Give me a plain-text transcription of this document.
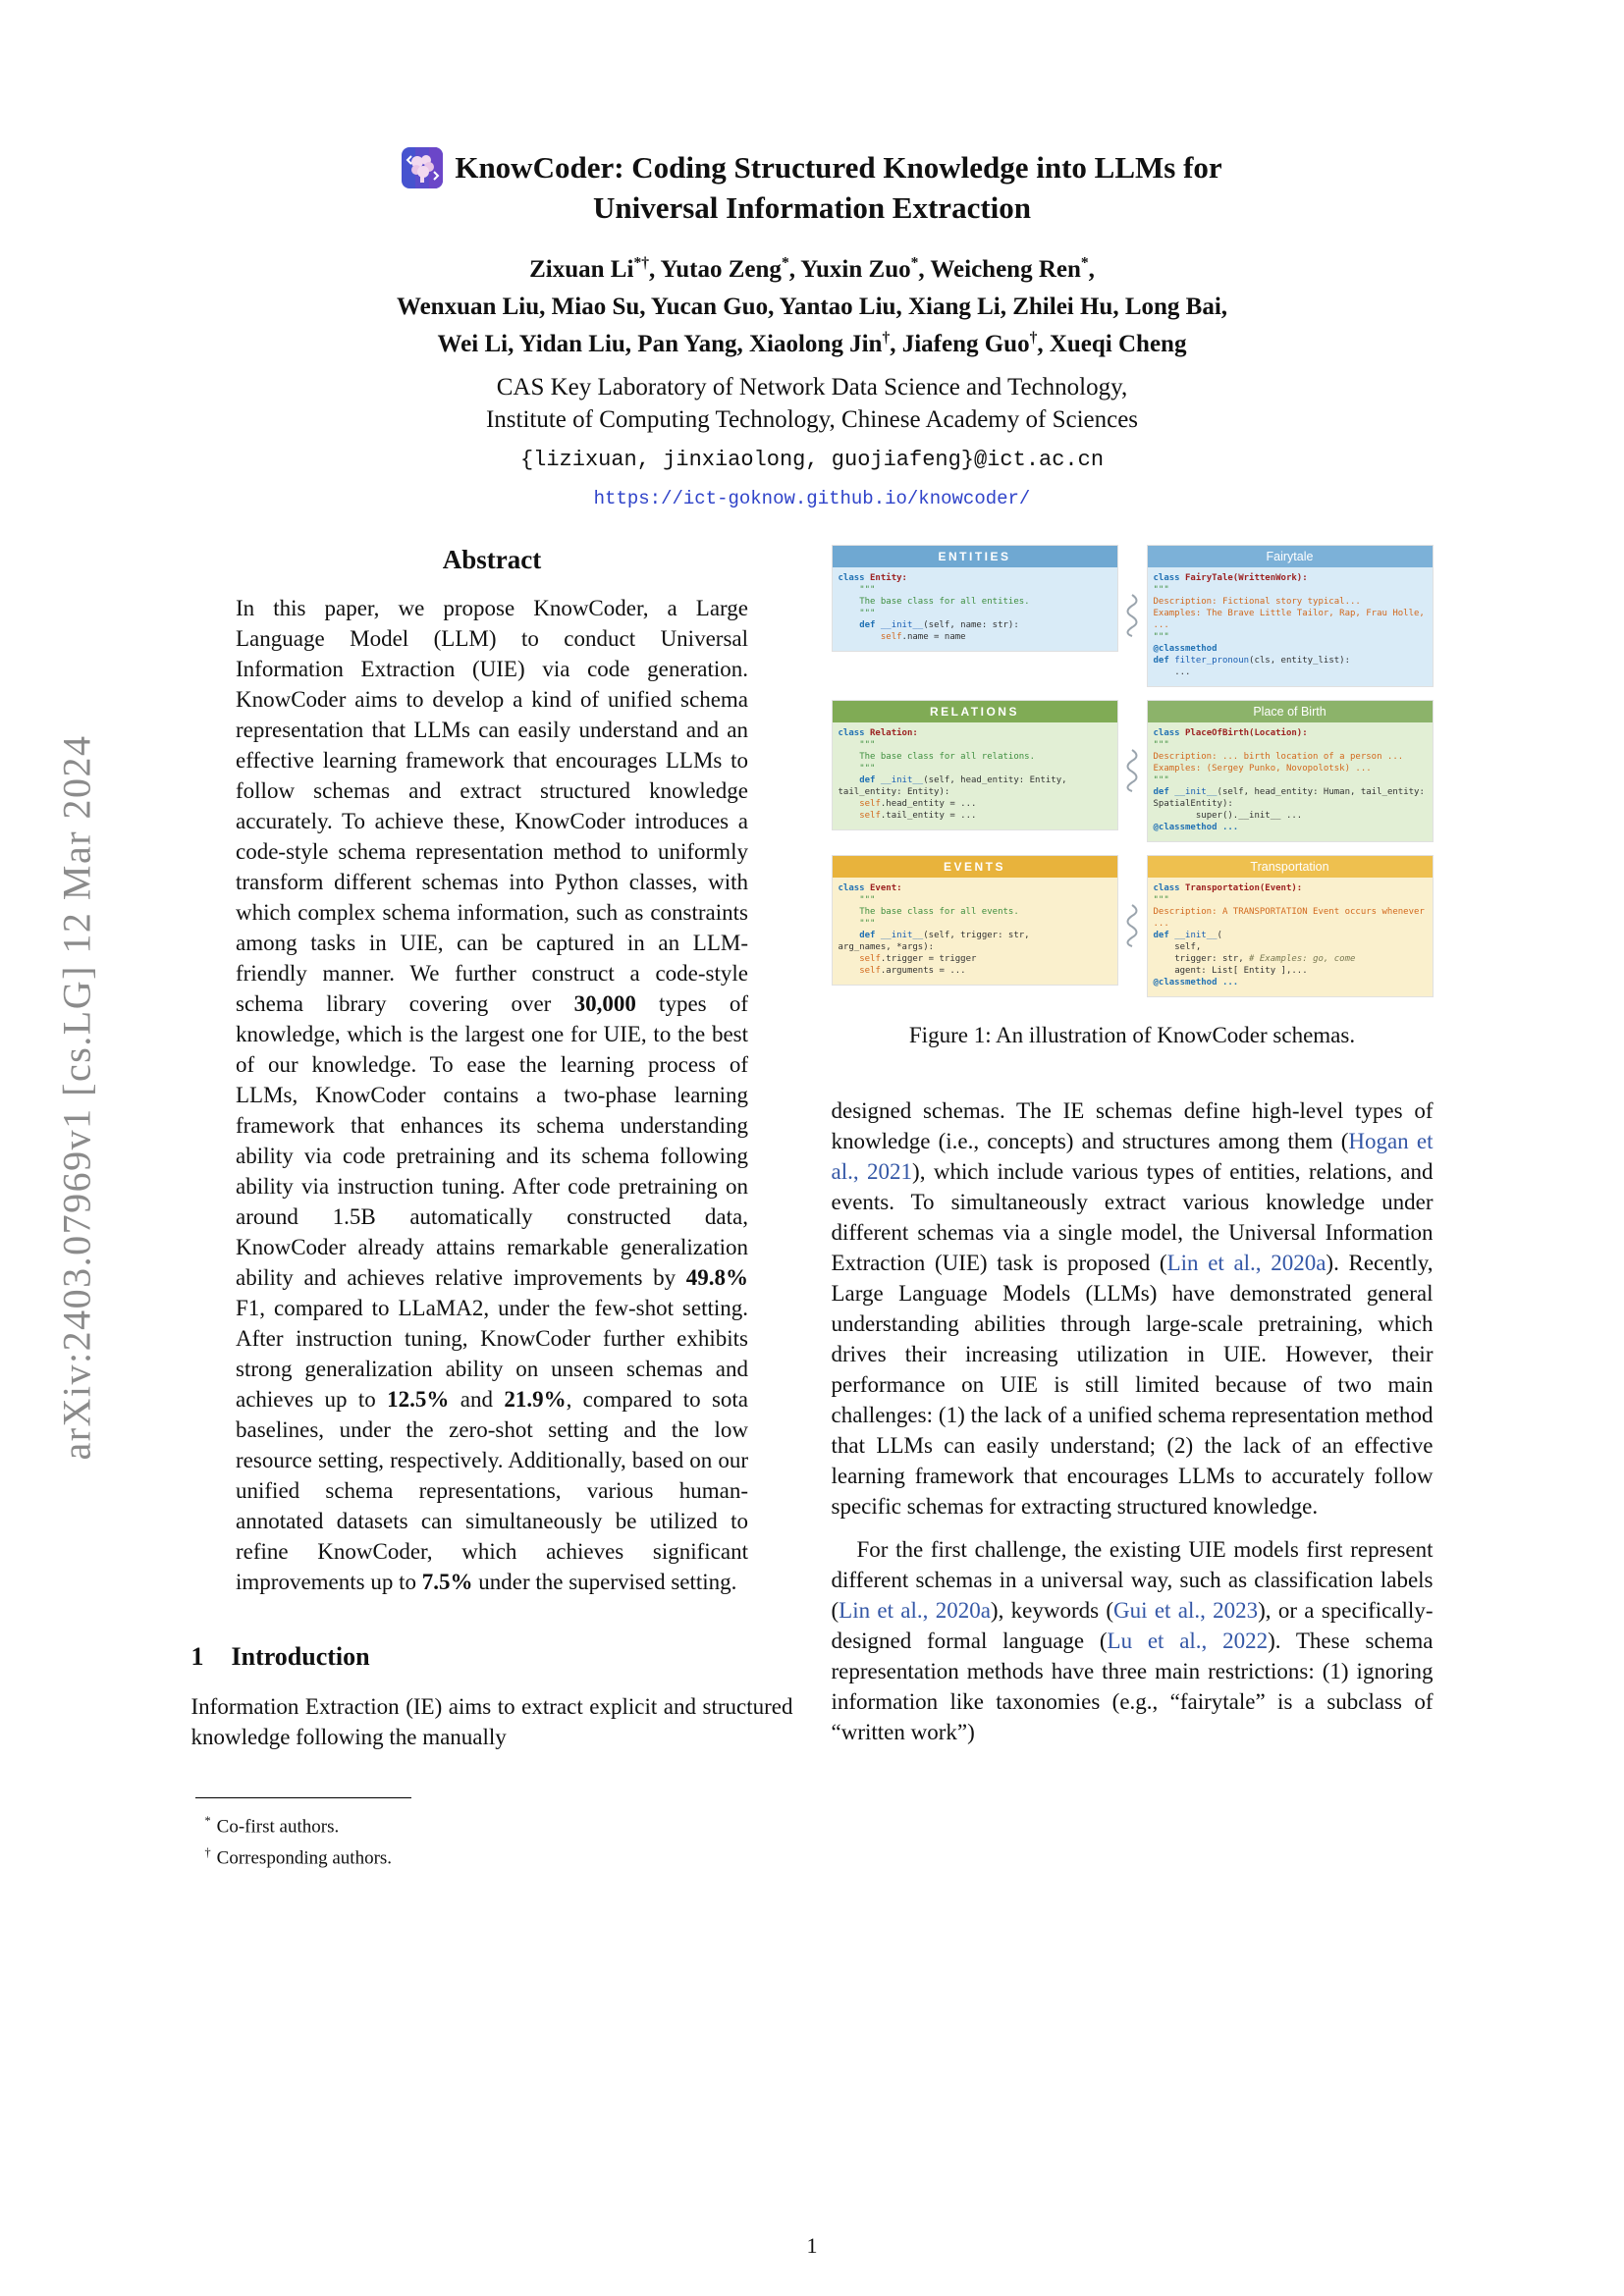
arXiv:2403.07969v1 [cs.LG] 12 Mar 2024
KnowCoder: Coding Structured Knowledge into LLMs for
Universal Information Extraction
Zixuan Li*†, Yutao Zeng*, Yuxin Zuo*, Weicheng Ren*,
Wenxuan Liu, Miao Su, Yucan Guo, Yantao Liu, Xiang Li, Zhilei Hu, Long Bai,
Wei Li, Yidan Liu, Pan Yang, Xiaolong Jin†, Jiafeng Guo†, Xueqi Cheng
CAS Key Laboratory of Network Data Science and Technology,
Institute of Computing Technology, Chinese Academy of Sciences
{lizixuan, jinxiaolong, guojiafeng}@ict.ac.cn
https://ict-goknow.github.io/knowcoder/
Abstract

In this paper, we propose KnowCoder, a Large Language Model (LLM) to conduct Universal Information Extraction (UIE) via code generation. KnowCoder aims to develop a kind of unified schema representation that LLMs can easily understand and an effective learning framework that encourages LLMs to follow schemas and extract structured knowledge accurately. To achieve these, KnowCoder introduces a code-style schema representation method to uniformly transform different schemas into Python classes, with which complex schema information, such as constraints among tasks in UIE, can be captured in an LLM-friendly manner. We further construct a code-style schema library covering over 30,000 types of knowledge, which is the largest one for UIE, to the best of our knowledge. To ease the learning process of LLMs, KnowCoder contains a two-phase learning framework that enhances its schema understanding ability via code pretraining and its schema following ability via instruction tuning. After code pretraining on around 1.5B automatically constructed data, KnowCoder already attains remarkable generalization ability and achieves relative improvements by 49.8% F1, compared to LLaMA2, under the few-shot setting. After instruction tuning, KnowCoder further exhibits strong generalization ability on unseen schemas and achieves up to 12.5% and 21.9%, compared to sota baselines, under the zero-shot setting and the low resource setting, respectively. Additionally, based on our unified schema representations, various human-annotated datasets can simultaneously be utilized to refine KnowCoder, which achieves significant improvements up to 7.5% under the supervised setting.

1 Introduction

Information Extraction (IE) aims to extract explicit and structured knowledge following the manually

* Co-first authors.
† Corresponding authors.
ENTITIES
class Entity:
"""
The base class for all entities.
"""
def __init__(self, name: str):
self.name = name
Fairytale
class FairyTale(WrittenWork):
"""
Description: Fictional story typical...
Examples: The Brave Little Tailor, Rap, Frau Holle, ...
"""
@classmethod
def filter_pronoun(cls, entity_list):
...
RELATIONS
class Relation:
"""
The base class for all relations.
"""
def __init__(self, head_entity: Entity,
tail_entity: Entity):
self.head_entity = ...
self.tail_entity = ...
Place of Birth
class PlaceOfBirth(Location):
"""
Description: ... birth location of a person ...
Examples: (Sergey Punko, Novopolotsk) ...
"""
def __init__(self, head_entity: Human, tail_entity:
SpatialEntity):
super().__init__ ...
@classmethod ...
EVENTS
class Event:
"""
The base class for all events.
"""
def __init__(self, trigger: str,
arg_names, *args):
self.trigger = trigger
self.arguments = ...
Transportation
class Transportation(Event):
"""
Description: A TRANSPORTATION Event occurs whenever ...
def __init__(
self,
trigger: str, # Examples: go, come
agent: List[ Entity ],...
@classmethod ...
Figure 1: An illustration of KnowCoder schemas.

designed schemas. The IE schemas define high-level types of knowledge (i.e., concepts) and structures among them (Hogan et al., 2021), which include various types of entities, relations, and events. To simultaneously extract various knowledge under different schemas via a single model, the Universal Information Extraction (UIE) task is proposed (Lin et al., 2020a). Recently, Large Language Models (LLMs) have demonstrated general understanding abilities through large-scale pretraining, which drives their increasing utilization in UIE. However, their performance on UIE is still limited because of two main challenges: (1) the lack of a unified schema representation method that LLMs can easily understand; (2) the lack of an effective learning framework that encourages LLMs to accurately follow specific schemas for extracting structured knowledge.

For the first challenge, the existing UIE models first represent different schemas in a universal way, such as classification labels (Lin et al., 2020a), keywords (Gui et al., 2023), or a specifically-designed formal language (Lu et al., 2022). These schema representation methods have three main restrictions: (1) ignoring information like taxonomies (e.g., “fairytale” is a subclass of “written work”)

1
